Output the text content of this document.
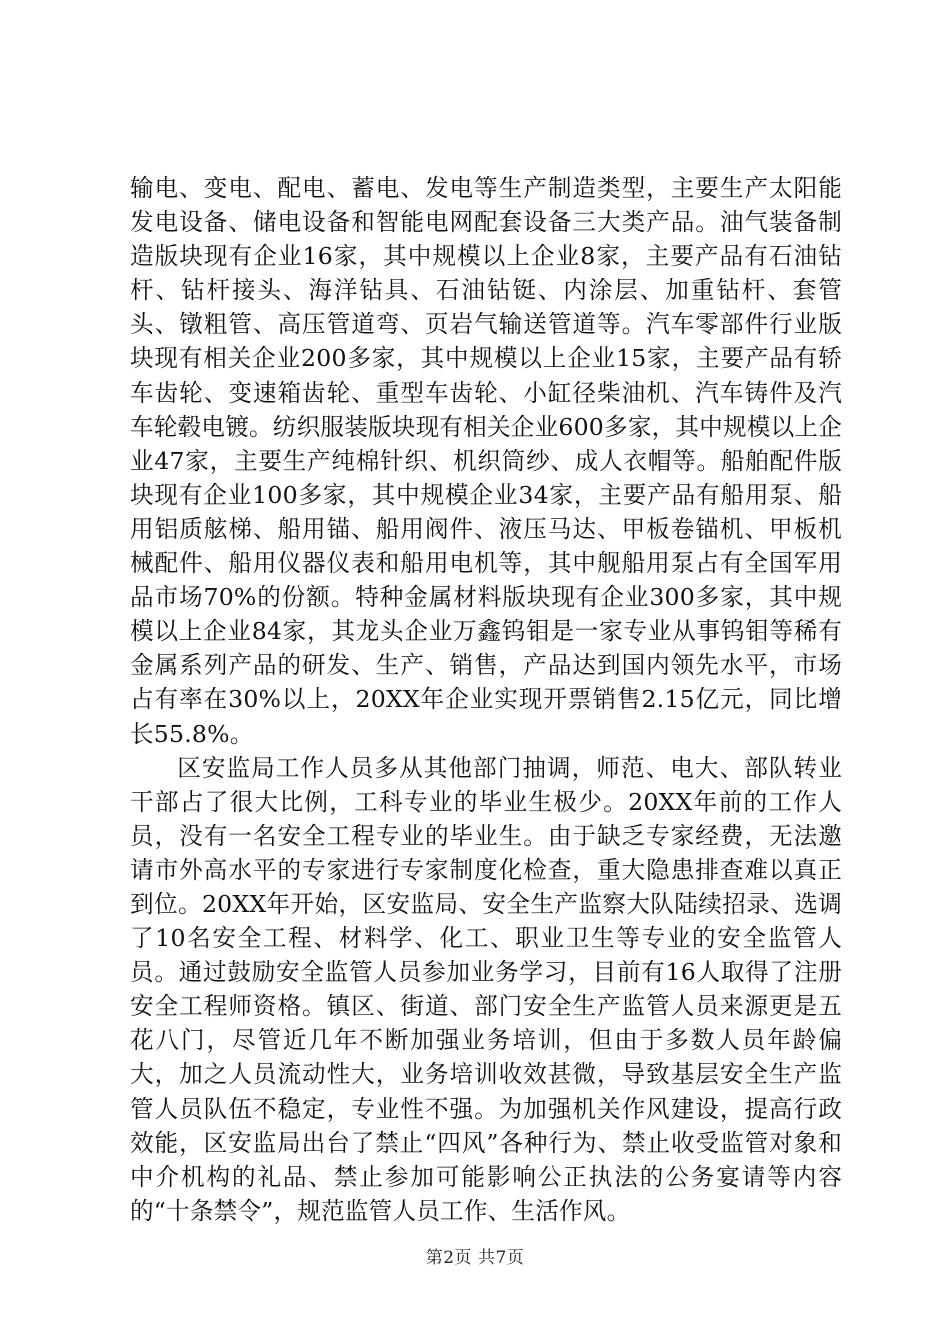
输电、变电、配电、蓄电、发电等生产制造类型，主要生产太阳能发电设备、储电设备和智能电网配套设备三大类产品。油气装备制造版块现有企业16家，其中规模以上企业8家，主要产品有石油钻杆、钻杆接头、海洋钻具、石油钻铤、内涂层、加重钻杆、套管头、镦粗管、高压管道弯、页岩气输送管道等。汽车零部件行业版块现有相关企业200多家，其中规模以上企业15家，主要产品有轿车齿轮、变速箱齿轮、重型车齿轮、小缸径柴油机、汽车铸件及汽车轮毂电镀。纺织服装版块现有相关企业600多家，其中规模以上企业47家，主要生产纯棉针织、机织筒纱、成人衣帽等。船舶配件版块现有企业100多家，其中规模企业34家，主要产品有船用泵、船用铝质舷梯、船用锚、船用阀件、液压马达、甲板卷锚机、甲板机械配件、船用仪器仪表和船用电机等，其中舰船用泵占有全国军用品市场70%的份额。特种金属材料版块现有企业300多家，其中规模以上企业84家，其龙头企业万鑫钨钼是一家专业从事钨钼等稀有金属系列产品的研发、生产、销售，产品达到国内领先水平，市场占有率在30%以上，20XX年企业实现开票销售2.15亿元，同比增长55.8%。

区安监局工作人员多从其他部门抽调，师范、电大、部队转业干部占了很大比例，工科专业的毕业生极少。20XX年前的工作人员，没有一名安全工程专业的毕业生。由于缺乏专家经费，无法邀请市外高水平的专家进行专家制度化检查，重大隐患排查难以真正到位。20XX年开始，区安监局、安全生产监察大队陆续招录、选调了10名安全工程、材料学、化工、职业卫生等专业的安全监管人员。通过鼓励安全监管人员参加业务学习，目前有16人取得了注册安全工程师资格。镇区、街道、部门安全生产监管人员来源更是五花八门，尽管近几年不断加强业务培训，但由于多数人员年龄偏大，加之人员流动性大，业务培训收效甚微，导致基层安全生产监管人员队伍不稳定，专业性不强。为加强机关作风建设，提高行政效能，区安监局出台了禁止“四风”各种行为、禁止收受监管对象和中介机构的礼品、禁止参加可能影响公正执法的公务宴请等内容的“十条禁令”，规范监管人员工作、生活作风。

第2页 共7页
